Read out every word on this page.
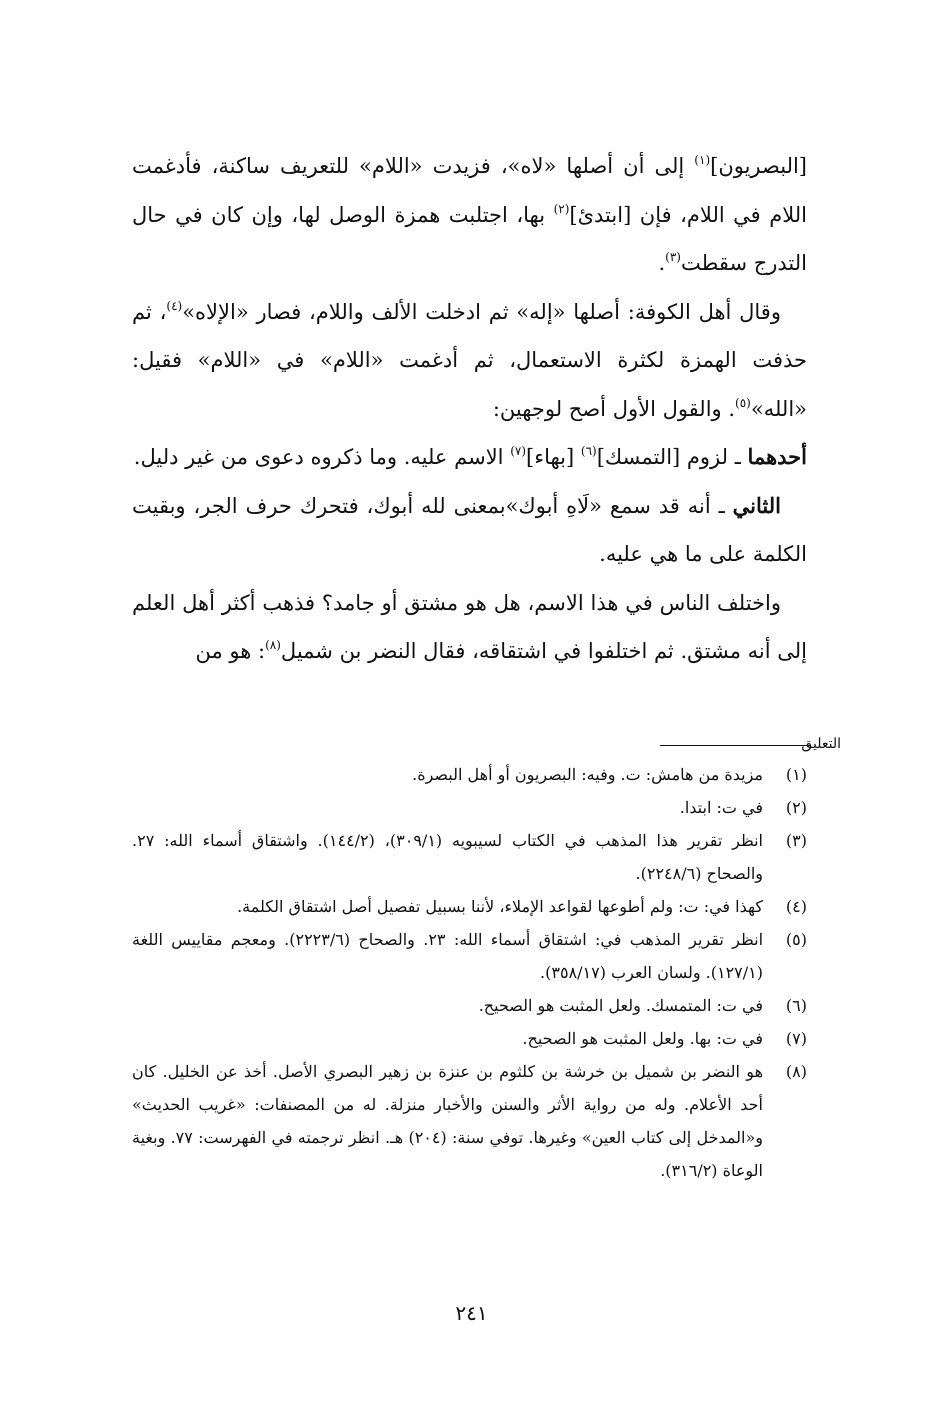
[البصريون]$^{(١)}$ إلى أن أصلها «لاه»، فزيدت «اللام» للتعريف ساكنة، فأدغمت اللام في اللام، فإن [ابتدئ]$^{(٢)}$ بها، اجتلبت همزة الوصل لها، وإن كان في حال التدرج سقطت$^{(٣)}$.

وقال أهل الكوفة: أصلها «إله» ثم ادخلت الألف واللام، فصار «الإلاه»$^{(٤)}$، ثم حذفت الهمزة لكثرة الاستعمال، ثم أدغمت «اللام» في «اللام» فقيل: «الله»$^{(٥)}$. والقول الأول أصح لوجهين:

أحدهما ـ لزوم [التمسك]$^{(٦)}$ [بهاء]$^{(٧)}$ الاسم عليه. وما ذكروه دعوى من غير دليل.

الثاني ـ أنه قد سمع «لَاهِ أبوك»بمعنى لله أبوك، فتحرك حرف الجر، وبقيت الكلمة على ما هي عليه.

واختلف الناس في هذا الاسم، هل هو مشتق أو جامد؟ فذهب أكثر أهل العلم إلى أنه مشتق. ثم اختلفوا في اشتقاقه، فقال النضر بن شميل$^{(٨)}$: هو من

التعليق
(١)
مزيدة من هامش: ت. وفيه: البصريون أو أهل البصرة.
(٢)
في ت: ابتدا.
(٣)
انظر تقرير هذا المذهب في الكتاب لسيبويه (٣٠٩/١)، (١٤٤/٢). واشتقاق أسماء الله: ٢٧. والصحاح (٢٢٤٨/٦).
(٤)
كهذا في: ت: ولم أطوعها لقواعد الإملاء، لأننا بسبيل تفصيل أصل اشتقاق الكلمة.
(٥)
انظر تقرير المذهب في: اشتقاق أسماء الله: ٢٣. والصحاح (٢٢٢٣/٦). ومعجم مقاييس اللغة (١٢٧/١). ولسان العرب (٣٥٨/١٧).
(٦)
في ت: المتمسك. ولعل المثبت هو الصحيح.
(٧)
في ت: بها. ولعل المثبت هو الصحيح.
(٨)
هو النضر بن شميل بن خرشة بن كلثوم بن عنزة بن زهير البصري الأصل. أخذ عن الخليل. كان أحد الأعلام. وله من رواية الأثر والسنن والأخبار منزلة. له من المصنفات: «غريب الحديث» و«المدخل إلى كتاب العين» وغيرها. توفي سنة: (٢٠٤) هـ. انظر ترجمته في الفهرست: ٧٧. وبغية الوعاة (٣١٦/٢).
٢٤١
